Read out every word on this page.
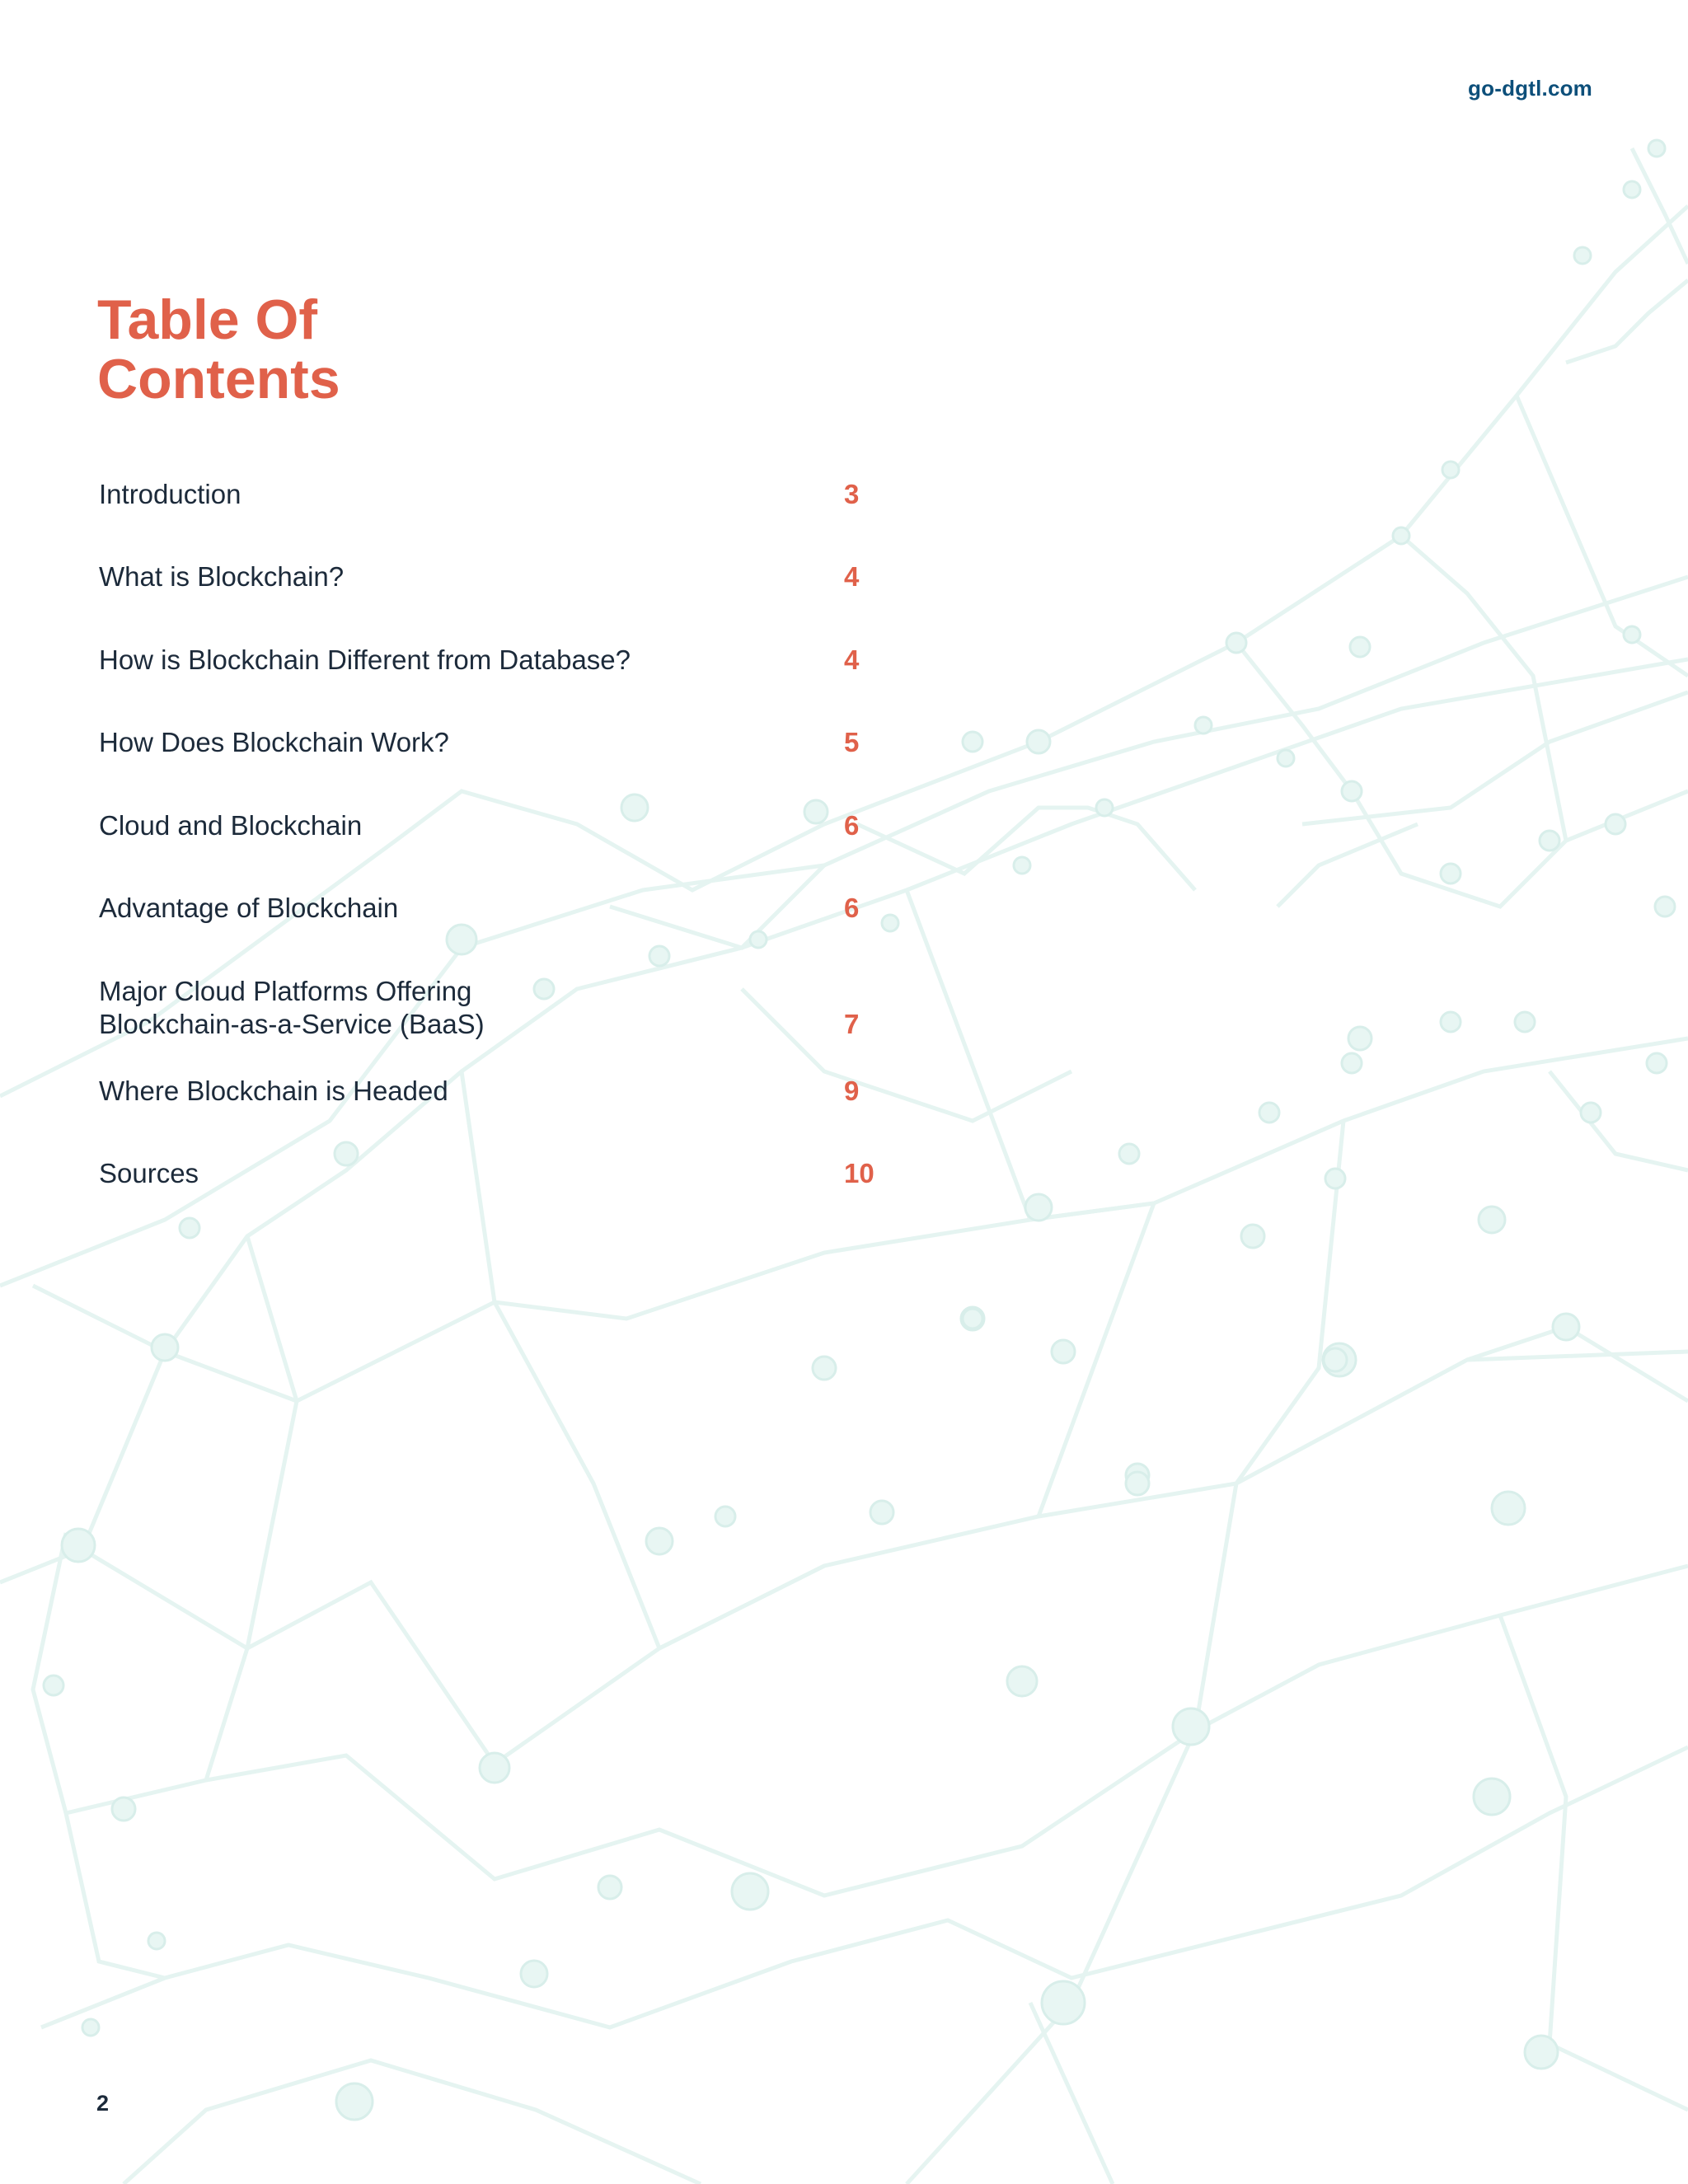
go-dgtl.com
Table Of
Contents
Introduction	3
What is Blockchain?	4
How is Blockchain Different from Database?	4
How Does Blockchain Work?	5
Cloud and Blockchain	6
Advantage of Blockchain	6
Major Cloud Platforms Offering
Blockchain-as-a-Service (BaaS)	7
Where Blockchain is Headed	9
Sources	10
2
